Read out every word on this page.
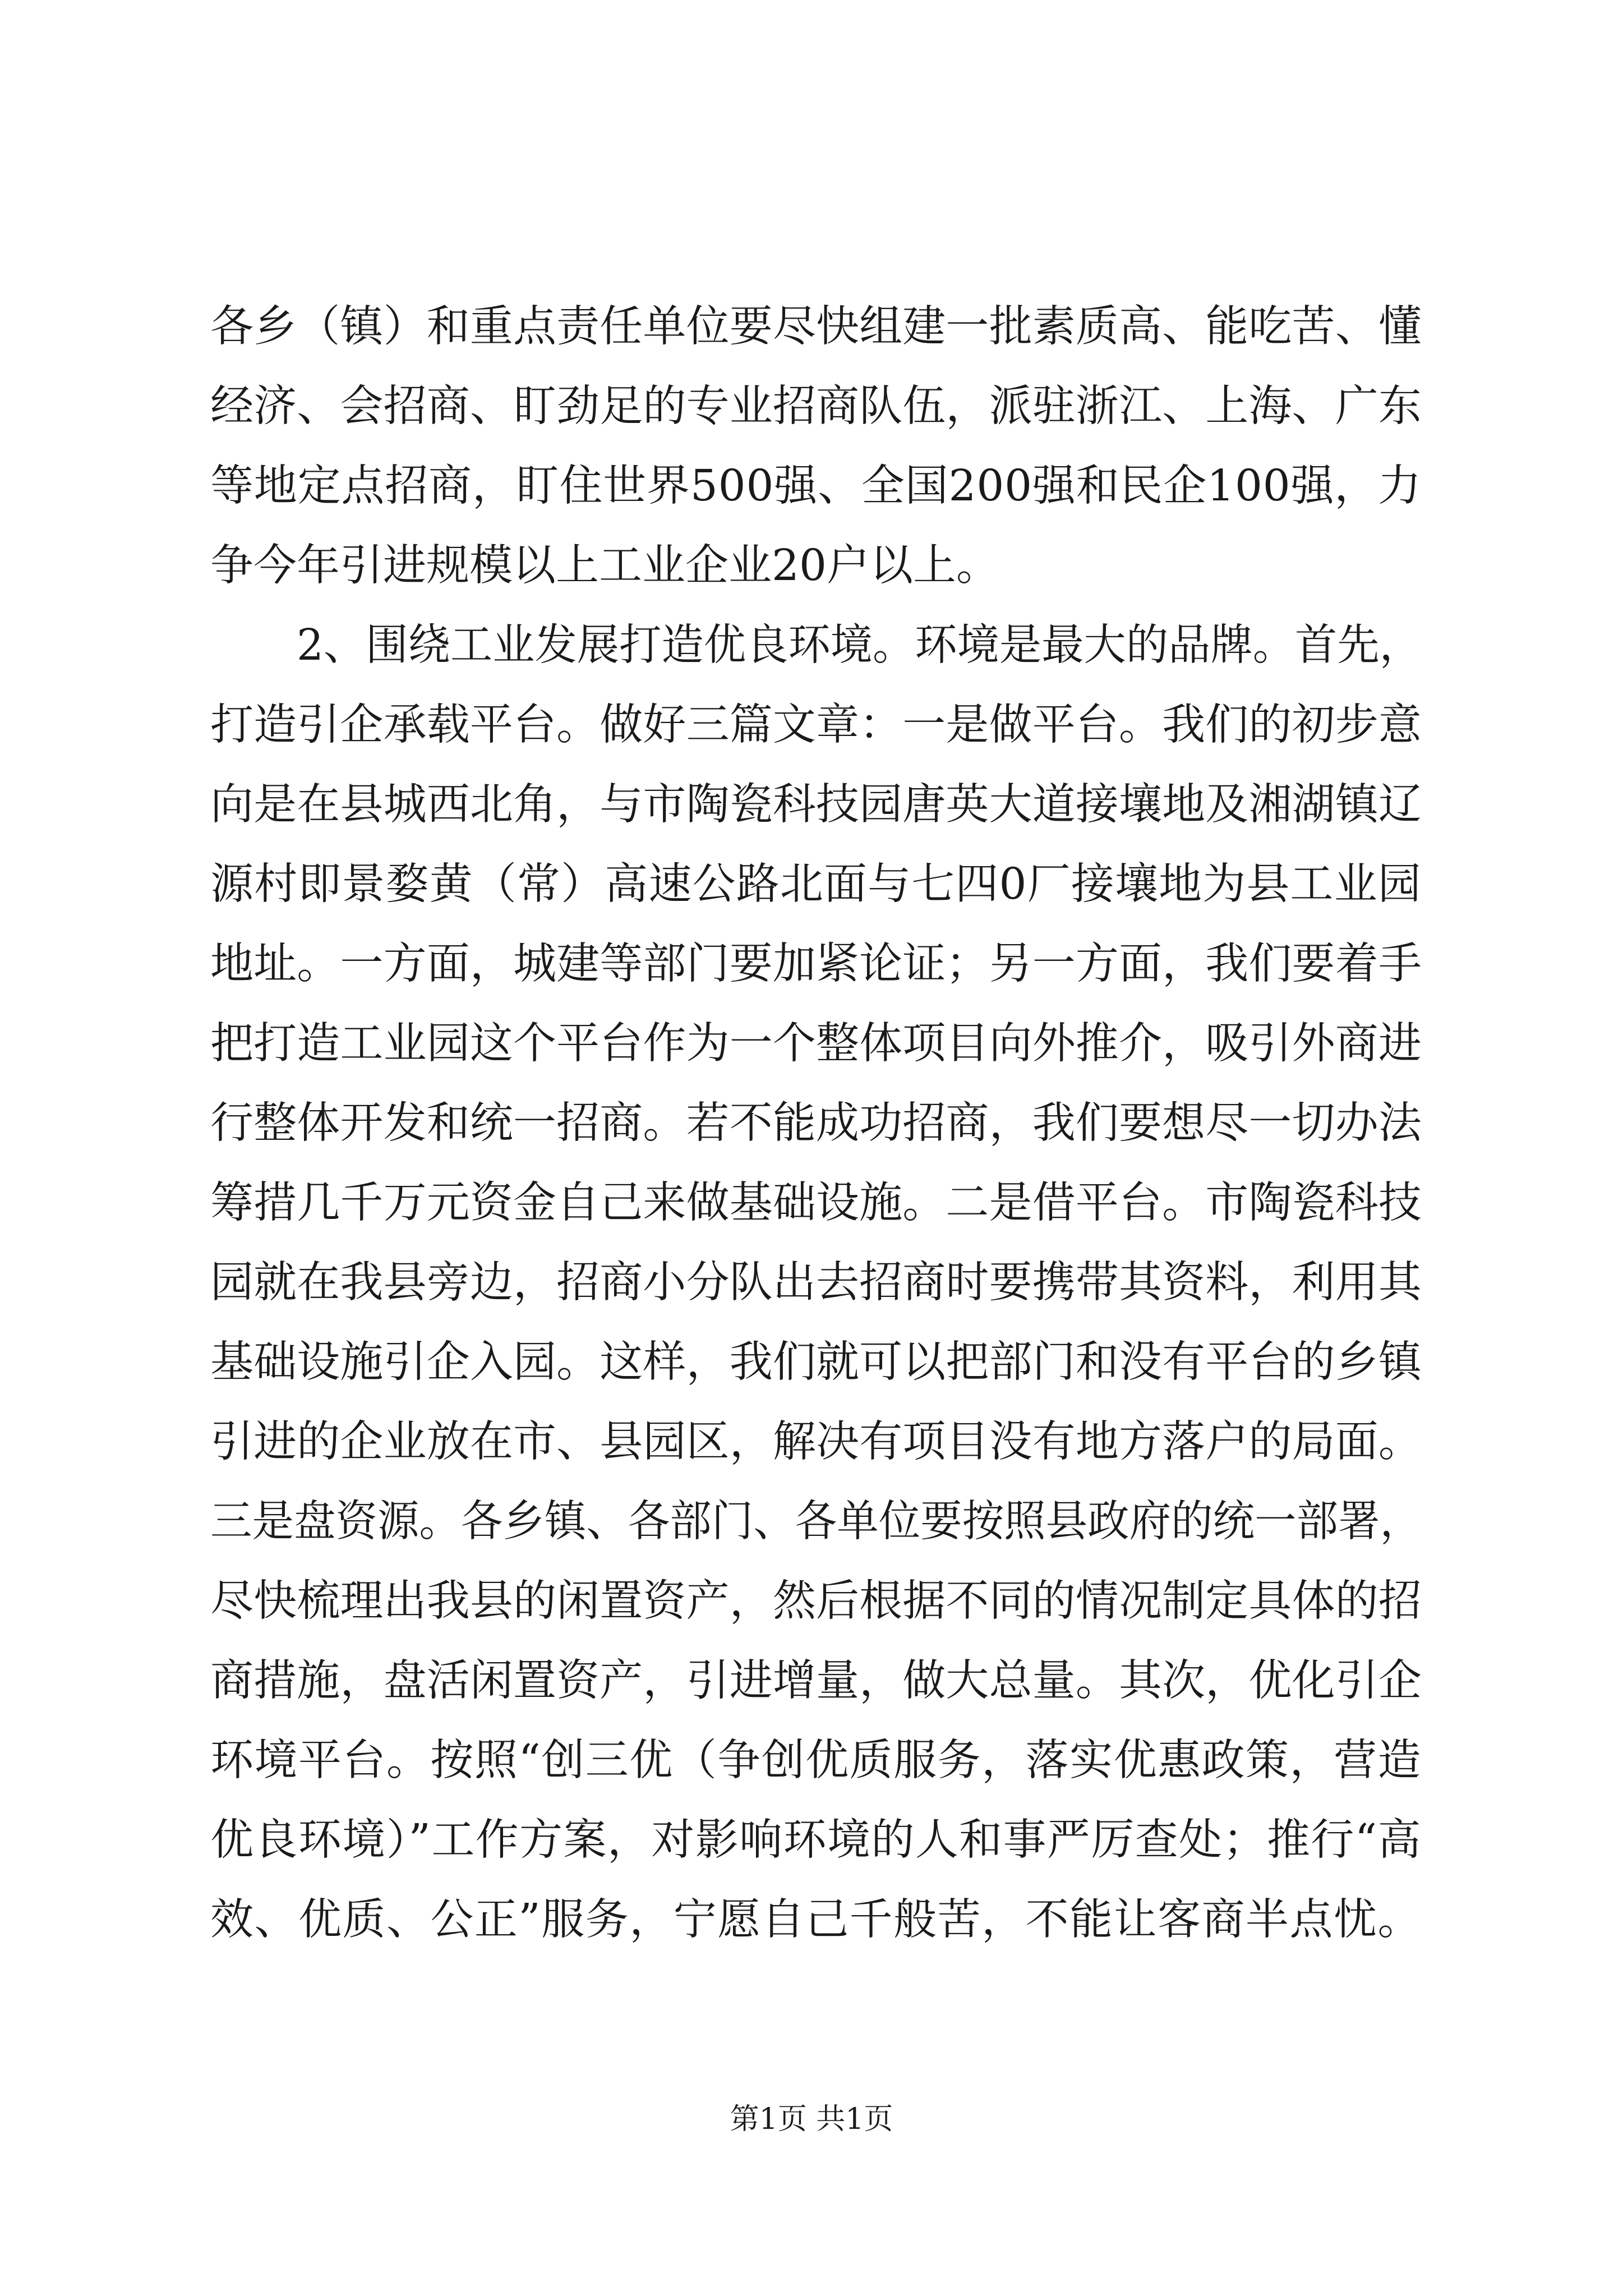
各乡（镇）和重点责任单位要尽快组建一批素质高、能吃苦、懂
经济、会招商、盯劲足的专业招商队伍，派驻浙江、上海、广东
等地定点招商，盯住世界500强、全国200强和民企100强，力
争今年引进规模以上工业企业20户以上。
2、围绕工业发展打造优良环境。环境是最大的品牌。首先，
打造引企承载平台。做好三篇文章：一是做平台。我们的初步意
向是在县城西北角，与市陶瓷科技园唐英大道接壤地及湘湖镇辽
源村即景婺黄（常）高速公路北面与七四0厂接壤地为县工业园
地址。一方面，城建等部门要加紧论证；另一方面，我们要着手
把打造工业园这个平台作为一个整体项目向外推介，吸引外商进
行整体开发和统一招商。若不能成功招商，我们要想尽一切办法
筹措几千万元资金自己来做基础设施。二是借平台。市陶瓷科技
园就在我县旁边，招商小分队出去招商时要携带其资料，利用其
基础设施引企入园。这样，我们就可以把部门和没有平台的乡镇
引进的企业放在市、县园区，解决有项目没有地方落户的局面。
三是盘资源。各乡镇、各部门、各单位要按照县政府的统一部署，
尽快梳理出我县的闲置资产，然后根据不同的情况制定具体的招
商措施，盘活闲置资产，引进增量，做大总量。其次，优化引企
环境平台。按照“创三优（争创优质服务，落实优惠政策，营造
优良环境）”工作方案，对影响环境的人和事严厉查处；推行“高
效、优质、公正”服务，宁愿自己千般苦，不能让客商半点忧。
第1页 共1页
